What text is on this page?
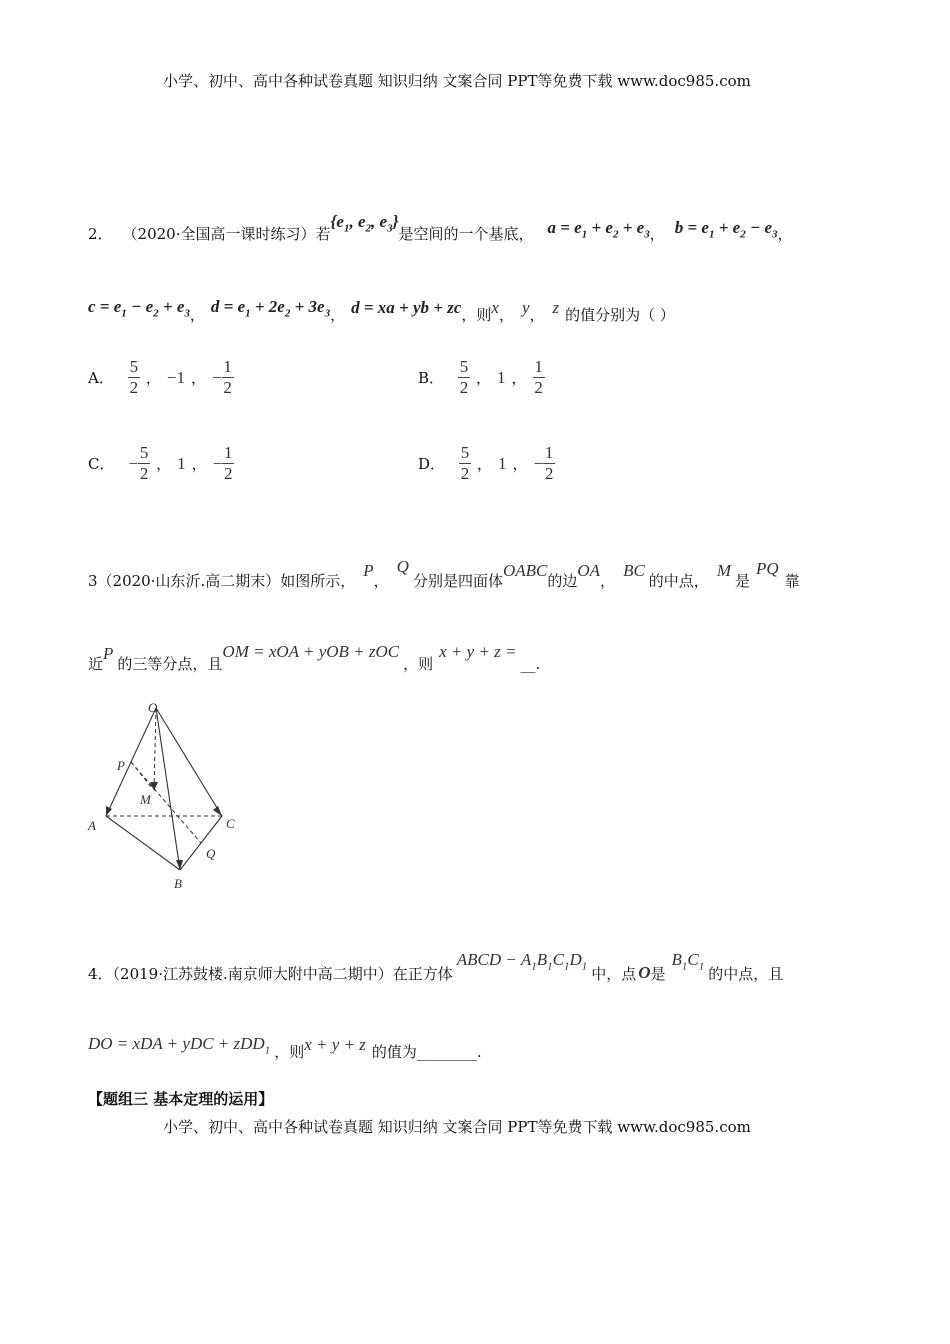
小学、初中、高中各种试卷真题 知识归纳 文案合同 PPT等免费下载 www.doc985.com
2． （2020·全国高一课时练习）若
{$e_1$, $e_2$, $e_3$}
是空间的一个基底， $a = e_1 + e_2 + e_3$ ， $b = e_1 + e_2 - e_3$ ，
$c = e_1 - e_2 + e_3$ ， $d = e_1 + 2e_2 + 3e_3$ ， d = xa + yb + zc ，则 x ， y ， z 的值分别为（ ）
A． $\frac{5}{2}$ ， −1 ， − $\frac{1}{2}$	B． $\frac{5}{2}$ ， 1 ， $\frac{1}{2}$
C． − $\frac{5}{2}$ ， 1 ， − $\frac{1}{2}$	D． $\frac{5}{2}$ ， 1 ， − $\frac{1}{2}$
3（2020·山东沂.高二期末）如图所示，
P
，
Q
分别是四面体
OABC
的边
OA
，
BC
的中点，
M
是
PQ
靠
近
P
的三等分点，且
OM = xOA + yOB + zOC
，则
x + y + z =
__.
O
P
M
A	C
Q
B
4．（2019·江苏鼓楼.南京师大附中高二期中）在正方体
ABCD − $A_1B_1C_1D_1$ 中，点 O 是
$B_1C_1$ 的中点，且
DO = xDA + yDC + zDD$_1$ ，则 x + y + z 的值为________.
【题组三 基本定理的运用】
小学、初中、高中各种试卷真题 知识归纳 文案合同 PPT等免费下载 www.doc985.com
